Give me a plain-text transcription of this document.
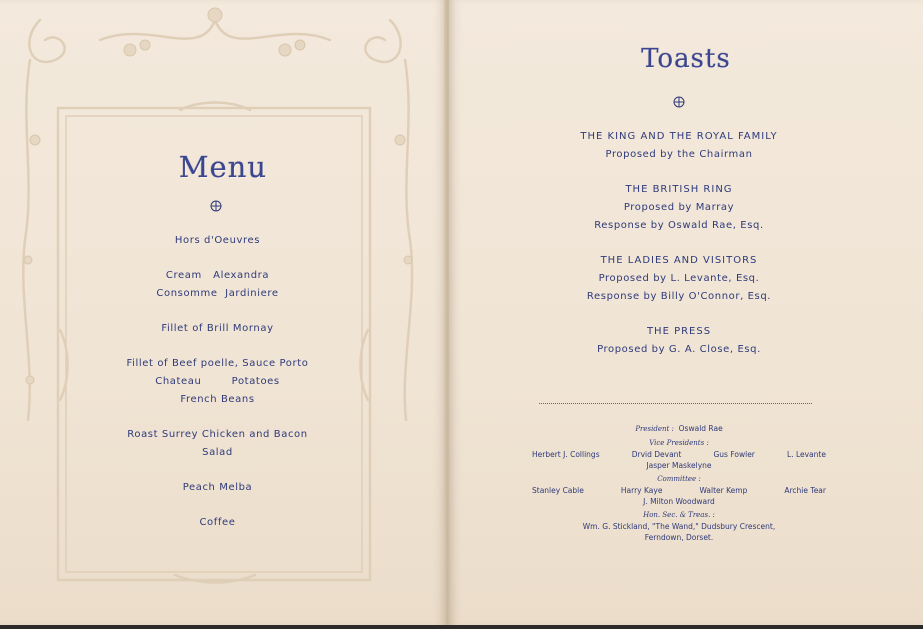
Menu
Hors d'Oeuvres
Cream   Alexandra
Consomme  Jardiniere
Fillet of Brill Mornay
Fillet of Beef poelle, Sauce Porto
Chateau        Potatoes
French Beans
Roast Surrey Chicken and Bacon
Salad
Peach Melba
Coffee
Toasts
THE KING AND THE ROYAL FAMILY
Proposed by the Chairman
THE BRITISH RING
Proposed by Marray
Response by Oswald Rae, Esq.
THE LADIES AND VISITORS
Proposed by L. Levante, Esq.
Response by Billy O'Connor, Esq.
THE PRESS
Proposed by G. A. Close, Esq.
President : Oswald Rae
Vice Presidents :
Herbert J. Collings	Drvid Devant	Gus Fowler	L. Levante
Jasper Maskelyne
Committee :
Stanley Cable	Harry Kaye	Walter Kemp	Archie Tear
J. Milton Woodward
Hon. Sec. & Treas. :
Wm. G. Stickland, "The Wand," Dudsbury Crescent,
Ferndown, Dorset.
